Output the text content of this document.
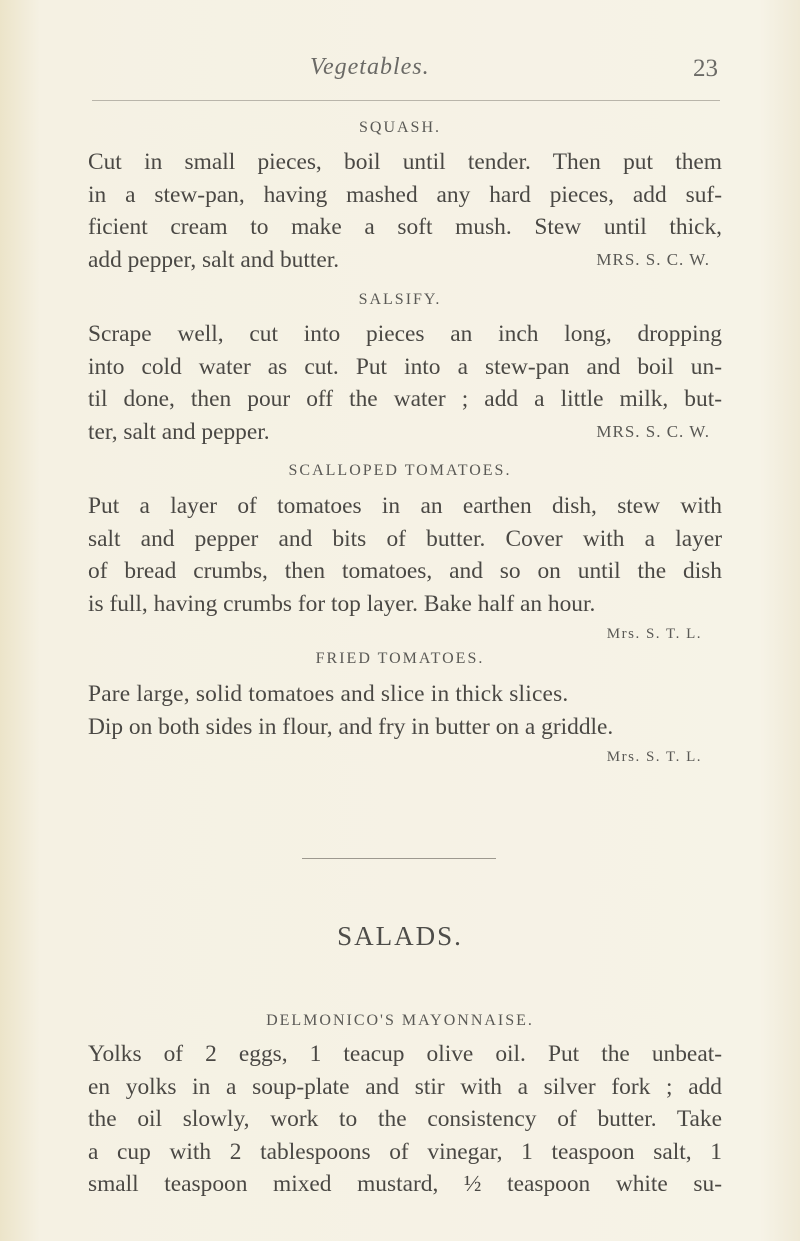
Vegetables.	23
SQUASH.
Cut in small pieces, boil until tender. Then put them
in a stew-pan, having mashed any hard pieces, add suf-
ficient cream to make a soft mush. Stew until thick,
add pepper, salt and butter.	MRS. S. C. W.
SALSIFY.
Scrape well, cut into pieces an inch long, dropping
into cold water as cut. Put into a stew-pan and boil un-
til done, then pour off the water ; add a little milk, but-
ter, salt and pepper.	MRS. S. C. W.
SCALLOPED TOMATOES.
Put a layer of tomatoes in an earthen dish, stew with
salt and pepper and bits of butter. Cover with a layer
of bread crumbs, then tomatoes, and so on until the dish
is full, having crumbs for top layer. Bake half an hour.
Mrs. S. T. L.
FRIED TOMATOES.
Pare large, solid tomatoes and slice in thick slices.
Dip on both sides in flour, and fry in butter on a griddle.
Mrs. S. T. L.
SALADS.
DELMONICO'S MAYONNAISE.
Yolks of 2 eggs, 1 teacup olive oil. Put the unbeat-
en yolks in a soup-plate and stir with a silver fork ; add
the oil slowly, work to the consistency of butter. Take
a cup with 2 tablespoons of vinegar, 1 teaspoon salt, 1
small teaspoon mixed mustard, ½ teaspoon white su-
